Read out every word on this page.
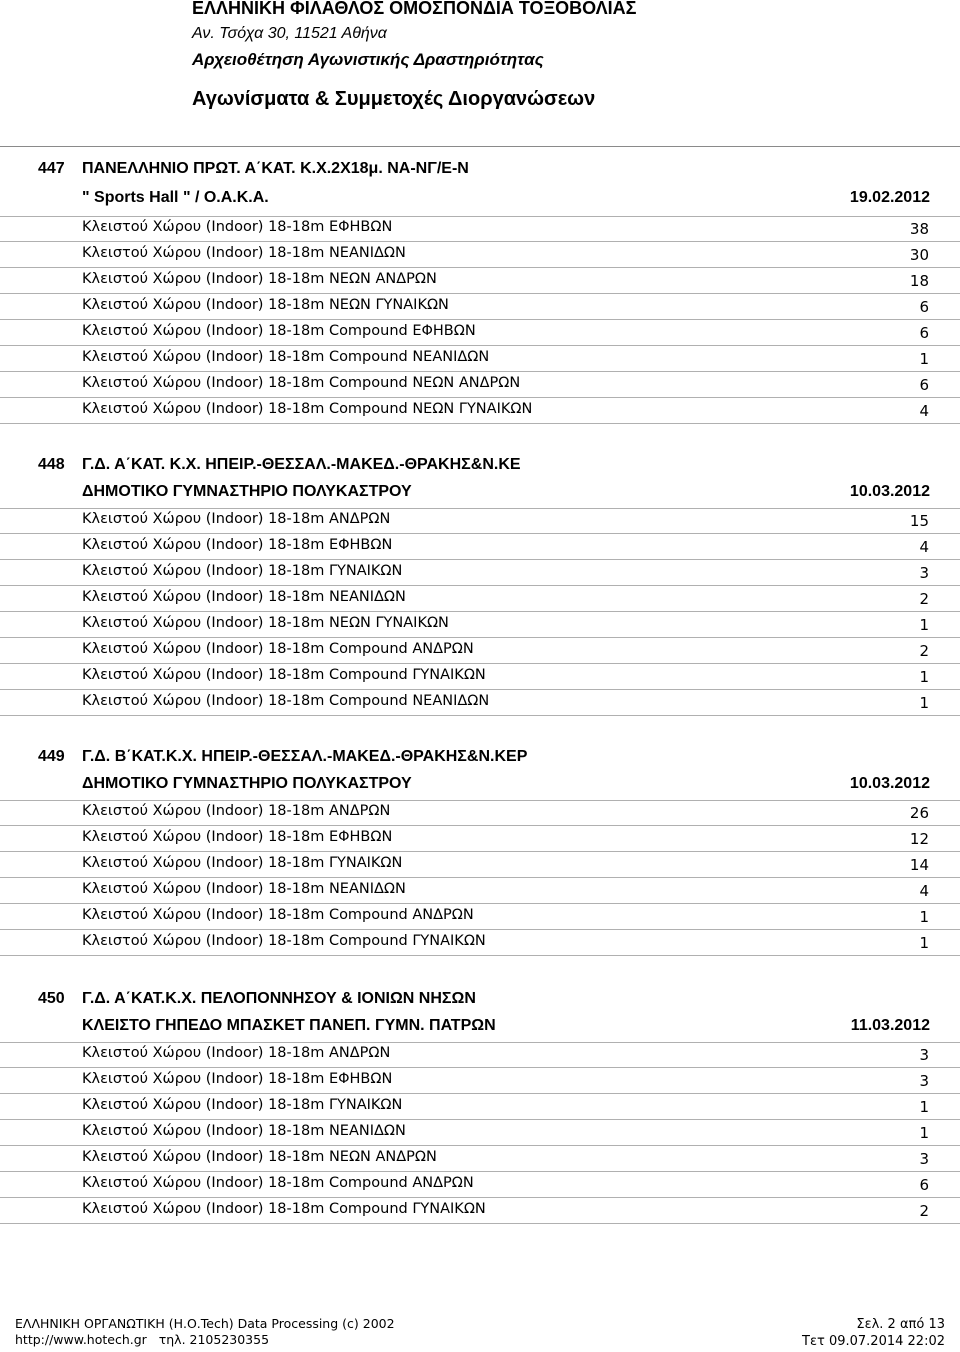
ΕΛΛΗΝΙΚΗ ΦΙΛΑΘΛΟΣ ΟΜΟΣΠΟΝΔΙΑ ΤΟΞΟΒΟΛΙΑΣ
Αν. Τσόχα 30, 11521 Αθήνα
Αρχειοθέτηση Αγωνιστικής Δραστηριότητας
Αγωνίσματα & Συμμετοχές Διοργανώσεων
447 ΠΑΝΕΛΛΗΝΙΟ ΠΡΩΤ. Α΄ΚΑΤ. Κ.Χ.2Χ18μ. ΝΑ-ΝΓ/Ε-Ν
" Sports Hall " / Ο.Α.Κ.Α.	19.02.2012
Κλειστού Χώρου (Indoor) 18-18m ΕΦΗΒΩΝ	38
Κλειστού Χώρου (Indoor) 18-18m ΝΕΑΝΙΔΩΝ	30
Κλειστού Χώρου (Indoor) 18-18m ΝΕΩΝ ΑΝΔΡΩΝ	18
Κλειστού Χώρου (Indoor) 18-18m ΝΕΩΝ ΓΥΝΑΙΚΩΝ	6
Κλειστού Χώρου (Indoor) 18-18m Compound ΕΦΗΒΩΝ	6
Κλειστού Χώρου (Indoor) 18-18m Compound ΝΕΑΝΙΔΩΝ	1
Κλειστού Χώρου (Indoor) 18-18m Compound ΝΕΩΝ ΑΝΔΡΩΝ	6
Κλειστού Χώρου (Indoor) 18-18m Compound ΝΕΩΝ ΓΥΝΑΙΚΩΝ	4
448 Γ.Δ. Α΄ΚΑΤ. Κ.Χ. ΗΠΕΙΡ.-ΘΕΣΣΑΛ.-ΜΑΚΕΔ.-ΘΡΑΚΗΣ&Ν.ΚΕ
ΔΗΜΟΤΙΚΟ ΓΥΜΝΑΣΤΗΡΙΟ ΠΟΛΥΚΑΣΤΡΟΥ	10.03.2012
Κλειστού Χώρου (Indoor) 18-18m ΑΝΔΡΩΝ	15
Κλειστού Χώρου (Indoor) 18-18m ΕΦΗΒΩΝ	4
Κλειστού Χώρου (Indoor) 18-18m ΓΥΝΑΙΚΩΝ	3
Κλειστού Χώρου (Indoor) 18-18m ΝΕΑΝΙΔΩΝ	2
Κλειστού Χώρου (Indoor) 18-18m ΝΕΩΝ ΓΥΝΑΙΚΩΝ	1
Κλειστού Χώρου (Indoor) 18-18m Compound ΑΝΔΡΩΝ	2
Κλειστού Χώρου (Indoor) 18-18m Compound ΓΥΝΑΙΚΩΝ	1
Κλειστού Χώρου (Indoor) 18-18m Compound ΝΕΑΝΙΔΩΝ	1
449 Γ.Δ. Β΄ΚΑΤ.Κ.Χ. ΗΠΕΙΡ.-ΘΕΣΣΑΛ.-ΜΑΚΕΔ.-ΘΡΑΚΗΣ&Ν.ΚΕΡ
ΔΗΜΟΤΙΚΟ ΓΥΜΝΑΣΤΗΡΙΟ ΠΟΛΥΚΑΣΤΡΟΥ	10.03.2012
Κλειστού Χώρου (Indoor) 18-18m ΑΝΔΡΩΝ	26
Κλειστού Χώρου (Indoor) 18-18m ΕΦΗΒΩΝ	12
Κλειστού Χώρου (Indoor) 18-18m ΓΥΝΑΙΚΩΝ	14
Κλειστού Χώρου (Indoor) 18-18m ΝΕΑΝΙΔΩΝ	4
Κλειστού Χώρου (Indoor) 18-18m Compound ΑΝΔΡΩΝ	1
Κλειστού Χώρου (Indoor) 18-18m Compound ΓΥΝΑΙΚΩΝ	1
450 Γ.Δ. Α΄ΚΑΤ.Κ.Χ. ΠΕΛΟΠΟΝΝΗΣΟΥ & ΙΟΝΙΩΝ ΝΗΣΩΝ
ΚΛΕΙΣΤΟ ΓΗΠΕΔΟ ΜΠΑΣΚΕΤ ΠΑΝΕΠ. ΓΥΜΝ. ΠΑΤΡΩΝ	11.03.2012
Κλειστού Χώρου (Indoor) 18-18m ΑΝΔΡΩΝ	3
Κλειστού Χώρου (Indoor) 18-18m ΕΦΗΒΩΝ	3
Κλειστού Χώρου (Indoor) 18-18m ΓΥΝΑΙΚΩΝ	1
Κλειστού Χώρου (Indoor) 18-18m ΝΕΑΝΙΔΩΝ	1
Κλειστού Χώρου (Indoor) 18-18m ΝΕΩΝ ΑΝΔΡΩΝ	3
Κλειστού Χώρου (Indoor) 18-18m Compound ΑΝΔΡΩΝ	6
Κλειστού Χώρου (Indoor) 18-18m Compound ΓΥΝΑΙΚΩΝ	2
ΕΛΛΗΝΙΚΗ ΟΡΓΑΝΩΤΙΚΗ (Η.Ο.Tech) Data Processing (c) 2002
http://www.hotech.gr τηλ. 2105230355
Σελ. 2 από 13
Τετ 09.07.2014 22:02
